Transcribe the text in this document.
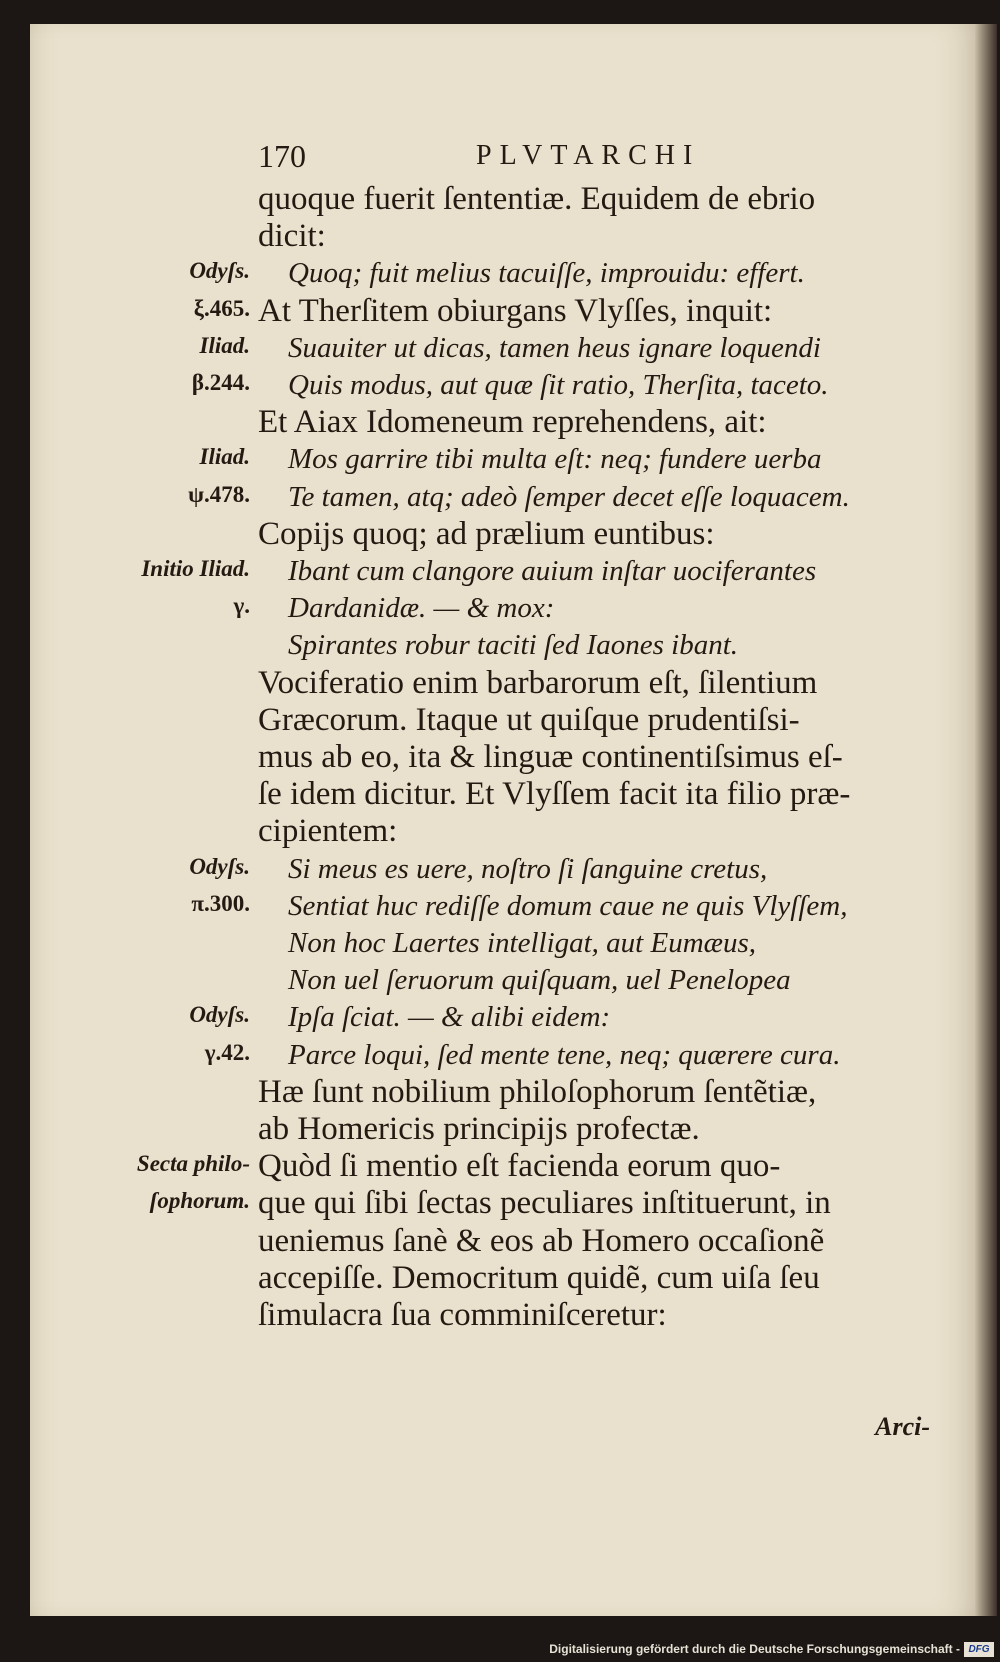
170	PLVTARCHI
quoque fuerit ſententiæ. Equidem de ebrio
dicit:
Quoq; fuit melius tacuiſſe, improuidu: effert.
At Therſitem obiurgans Vlyſſes, inquit:
Suauiter ut dicas, tamen heus ignare loquendi
Quis modus, aut quæ ſit ratio, Therſita, taceto.
Et Aiax Idomeneum reprehendens, ait:
Mos garrire tibi multa eſt: neq; fundere uerba
Te tamen, atq; adeò ſemper decet eſſe loquacem.
Copijs quoq; ad prælium euntibus:
Ibant cum clangore auium inſtar uociferantes
Dardanidæ. — & mox:
Spirantes robur taciti ſed Iaones ibant.
Vociferatio enim barbarorum eſt, ſilentium
Græcorum. Itaque ut quiſque prudentiſsi-
mus ab eo, ita & linguæ continentiſsimus eſ-
ſe idem dicitur. Et Vlyſſem facit ita filio præ-
cipientem:
Si meus es uere, noſtro ſi ſanguine cretus,
Sentiat huc rediſſe domum caue ne quis Vlyſſem,
Non hoc Laertes intelligat, aut Eumæus,
Non uel ſeruorum quiſquam, uel Penelopea
Ipſa ſciat. — & alibi eidem:
Parce loqui, ſed mente tene, neq; quærere cura.
Hæ ſunt nobilium philoſophorum ſentẽtiæ,
ab Homericis principijs profectæ.
Quòd ſi mentio eſt facienda eorum quo-
que qui ſibi ſectas peculiares inſtituerunt, in
ueniemus ſanè & eos ab Homero occaſionẽ
accepiſſe. Democritum quidẽ, cum uiſa ſeu
ſimulacra ſua comminiſceretur:
Odyſs.
ξ.465.
Iliad.
β.244.
Iliad.
ψ.478.
Initio Iliad.
γ.
Odyſs.
π.300.
Odyſs.
γ.42.
Secta philo-
ſophorum.
Arci-
Digitalisierung gefördert durch die Deutsche Forschungsgemeinschaft - DFG
